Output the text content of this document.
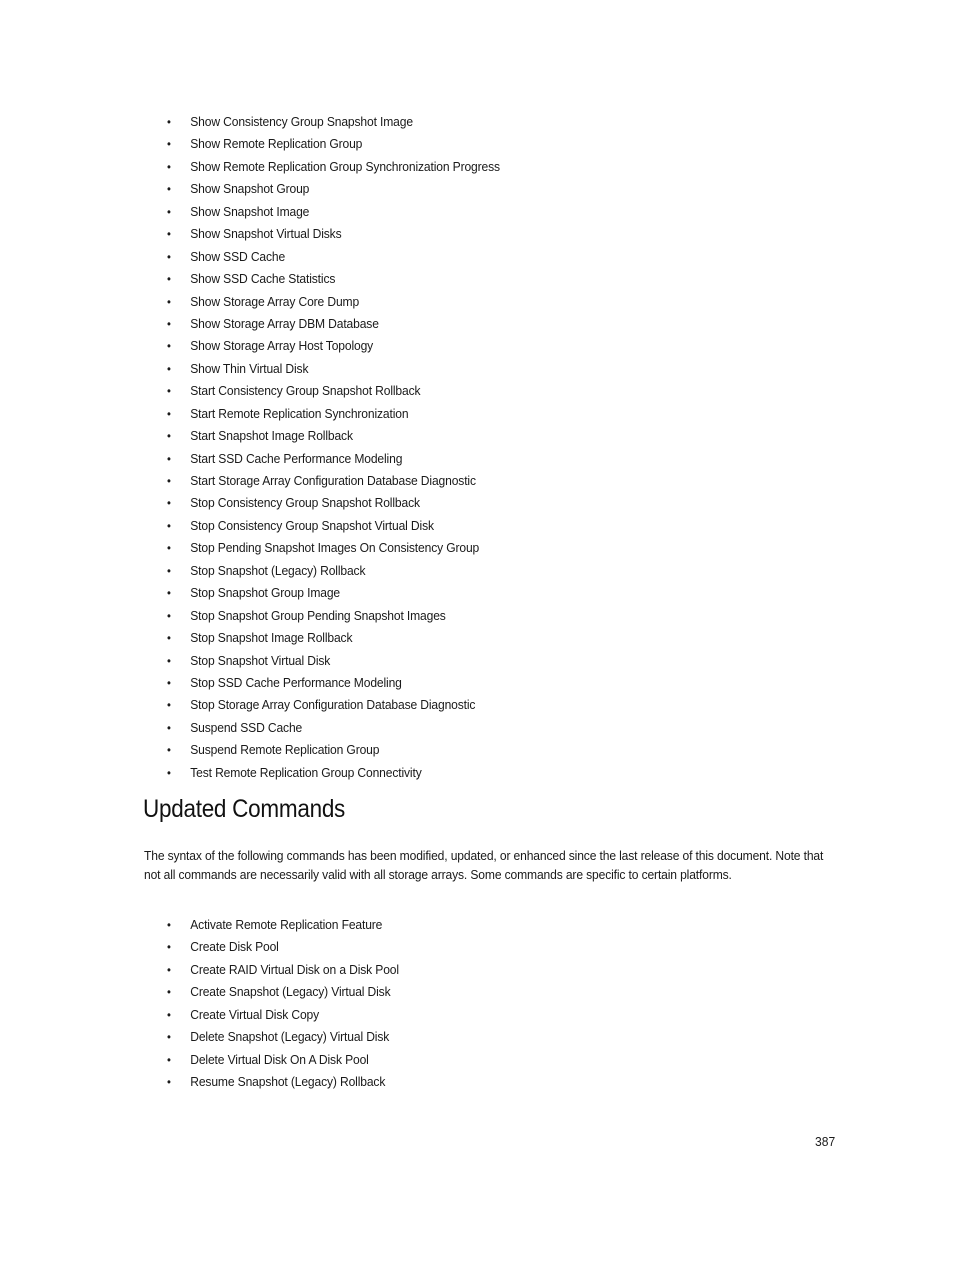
•	Show Consistency Group Snapshot Image
•	Show Remote Replication Group
•	Show Remote Replication Group Synchronization Progress
•	Show Snapshot Group
•	Show Snapshot Image
•	Show Snapshot Virtual Disks
•	Show SSD Cache
•	Show SSD Cache Statistics
•	Show Storage Array Core Dump
•	Show Storage Array DBM Database
•	Show Storage Array Host Topology
•	Show Thin Virtual Disk
•	Start Consistency Group Snapshot Rollback
•	Start Remote Replication Synchronization
•	Start Snapshot Image Rollback
•	Start SSD Cache Performance Modeling
•	Start Storage Array Configuration Database Diagnostic
•	Stop Consistency Group Snapshot Rollback
•	Stop Consistency Group Snapshot Virtual Disk
•	Stop Pending Snapshot Images On Consistency Group
•	Stop Snapshot (Legacy) Rollback
•	Stop Snapshot Group Image
•	Stop Snapshot Group Pending Snapshot Images
•	Stop Snapshot Image Rollback
•	Stop Snapshot Virtual Disk
•	Stop SSD Cache Performance Modeling
•	Stop Storage Array Configuration Database Diagnostic
•	Suspend SSD Cache
•	Suspend Remote Replication Group
•	Test Remote Replication Group Connectivity
Updated Commands

The syntax of the following commands has been modified, updated, or enhanced since the last release of this document. Note that not all commands are necessarily valid with all storage arrays. Some commands are specific to certain platforms.

•	Activate Remote Replication Feature
•	Create Disk Pool
•	Create RAID Virtual Disk on a Disk Pool
•	Create Snapshot (Legacy) Virtual Disk
•	Create Virtual Disk Copy
•	Delete Snapshot (Legacy) Virtual Disk
•	Delete Virtual Disk On A Disk Pool
•	Resume Snapshot (Legacy) Rollback
387
